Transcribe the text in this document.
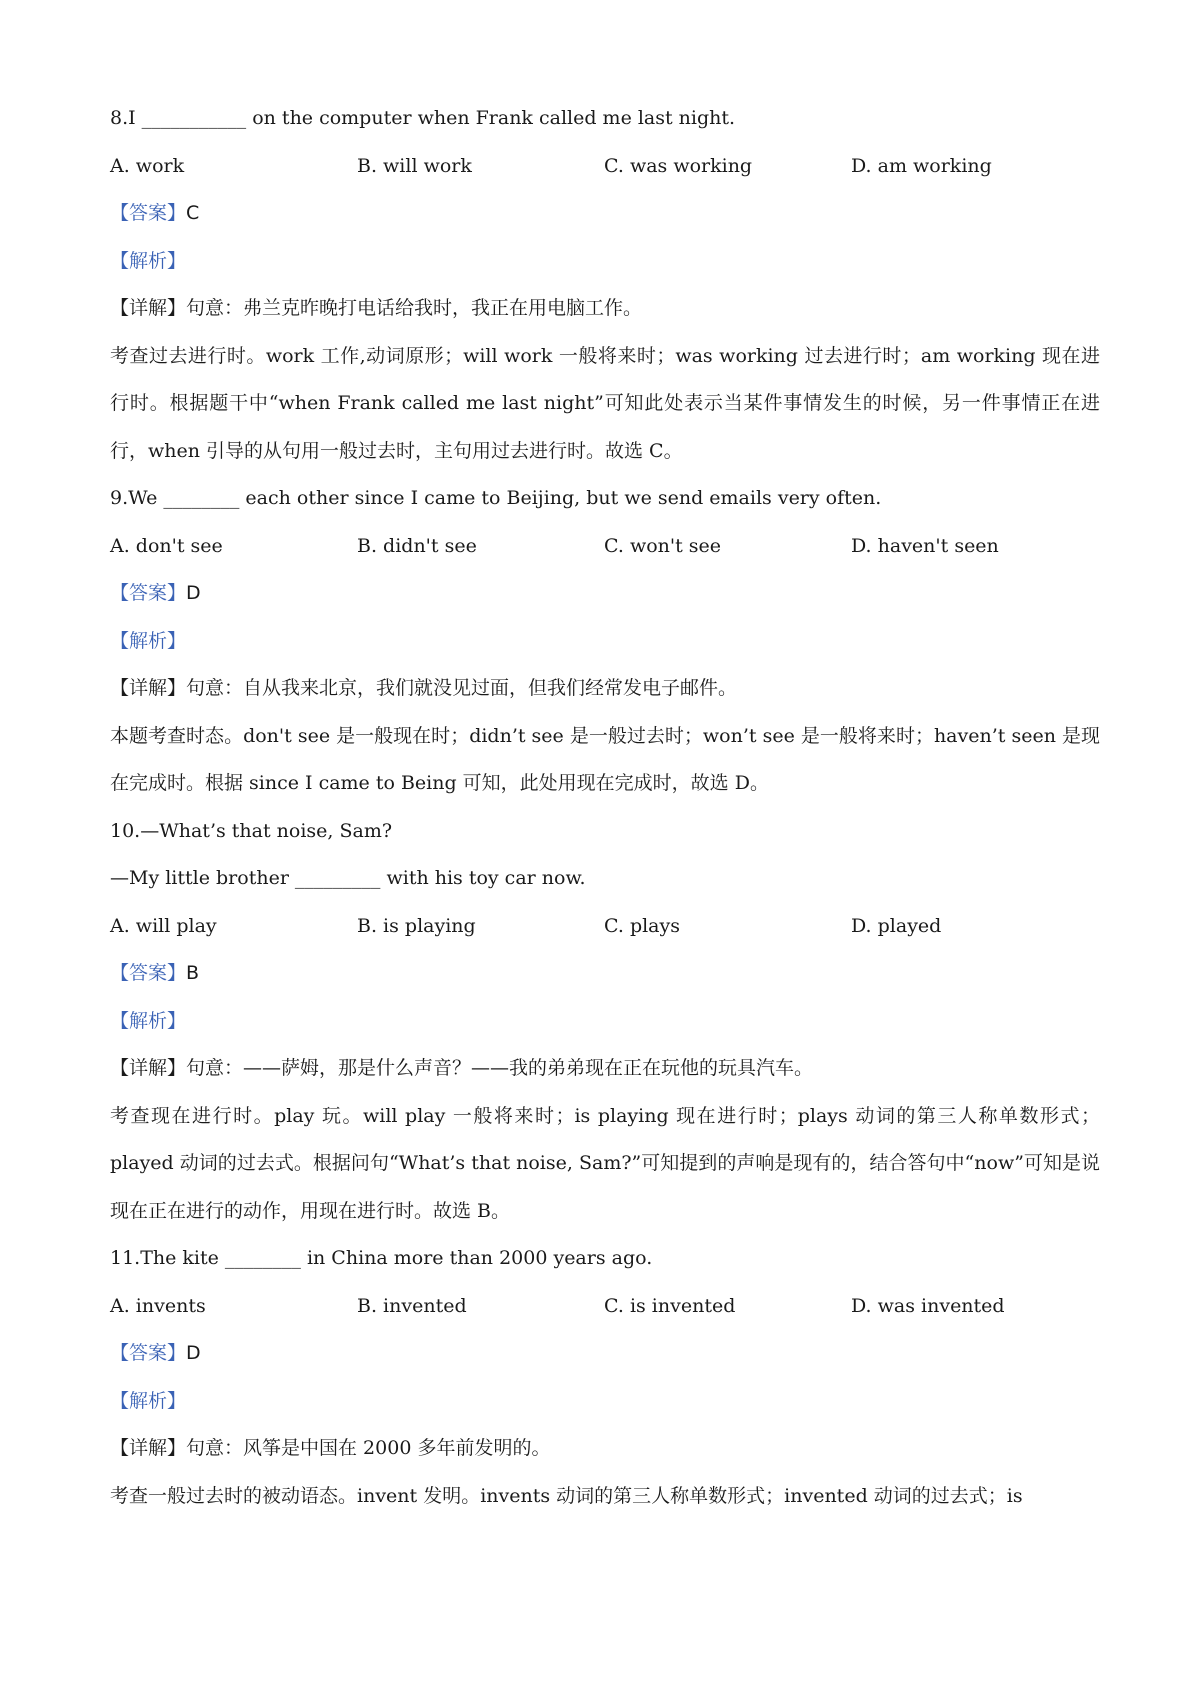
8.I ___________ on the computer when Frank called me last night.
A. work	B. will work	C. was working	D. am working
【答案】C
【解析】
【详解】句意：弗兰克昨晚打电话给我时，我正在用电脑工作。
考查过去进行时。work 工作,动词原形；will work 一般将来时；was working 过去进行时；am working 现在进行时。根据题干中“when Frank called me last night”可知此处表示当某件事情发生的时候，另一件事情正在进行，when 引导的从句用一般过去时，主句用过去进行时。故选 C。
9.We ________ each other since I came to Beijing, but we send emails very often.
A. don't see	B. didn't see	C. won't see	D. haven't seen
【答案】D
【解析】
【详解】句意：自从我来北京，我们就没见过面，但我们经常发电子邮件。
本题考查时态。don't see 是一般现在时；didn’t see 是一般过去时；won’t see 是一般将来时；haven’t seen 是现在完成时。根据 since I came to Being 可知，此处用现在完成时，故选 D。
10.—What’s that noise, Sam?
—My little brother _________ with his toy car now.
A. will play	B. is playing	C. plays	D. played
【答案】B
【解析】
【详解】句意：——萨姆，那是什么声音？——我的弟弟现在正在玩他的玩具汽车。
考查现在进行时。play 玩。will play 一般将来时；is playing 现在进行时；plays 动词的第三人称单数形式；played 动词的过去式。根据问句“What’s that noise, Sam?”可知提到的声响是现有的，结合答句中“now”可知是说现在正在进行的动作，用现在进行时。故选 B。
11.The kite ________ in China more than 2000 years ago.
A. invents	B. invented	C. is invented	D. was invented
【答案】D
【解析】
【详解】句意：风筝是中国在 2000 多年前发明的。
考查一般过去时的被动语态。invent 发明。invents 动词的第三人称单数形式；invented 动词的过去式；is
